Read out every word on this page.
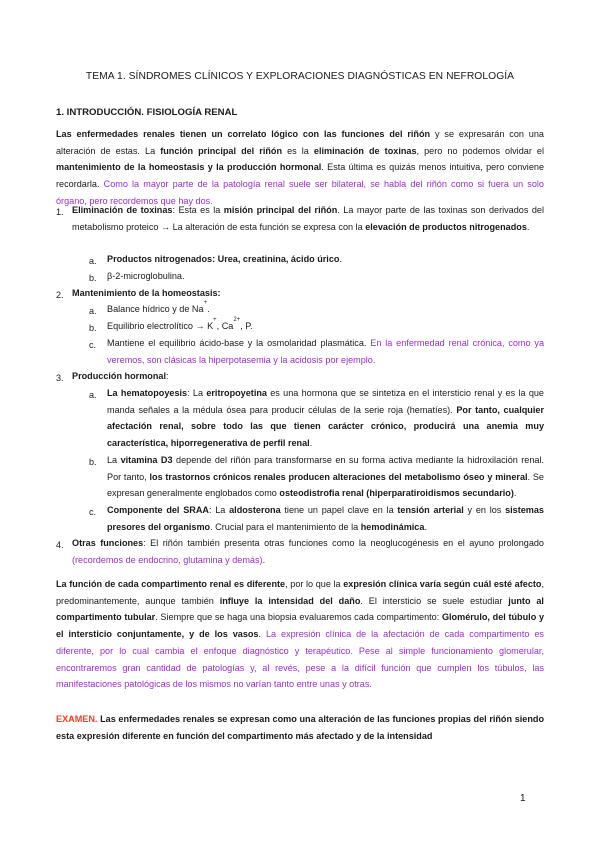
TEMA 1. SÍNDROMES CLÍNICOS Y EXPLORACIONES DIAGNÓSTICAS EN NEFROLOGÍA
1. INTRODUCCIÓN. FISIOLOGÍA RENAL

Las enfermedades renales tienen un correlato lógico con las funciones del riñón y se expresarán con una alteración de estas. La función principal del riñón es la eliminación de toxinas, pero no podemos olvidar el mantenimiento de la homeostasis y la producción hormonal. Esta última es quizás menos intuitiva, pero conviene recordarla. Como la mayor parte de la patología renal suele ser bilateral, se habla del riñón como si fuera un solo órgano, pero recordemos que hay dos.

1. Eliminación de toxinas: Esta es la misión principal del riñón. La mayor parte de las toxinas son derivados del metabolismo proteico → La alteración de esta función se expresa con la elevación de productos nitrogenados.

a. Productos nitrogenados: Urea, creatinina, ácido úrico.

b. β-2-microglobulina.

2. Mantenimiento de la homeostasis:

a. Balance hídrico y de Na+.

b. Equilibrio electrolítico → K+, $Ca^{2+}$, P.

c. Mantiene el equilibrio ácido-base y la osmolaridad plasmática. En la enfermedad renal crónica, como ya veremos, son clásicas la hiperpotasemia y la acidosis por ejemplo.

3. Producción hormonal:

a. La hematopoyesis: La eritropoyetina es una hormona que se sintetiza en el intersticio renal y es la que manda señales a la médula ósea para producir células de la serie roja (hematíes). Por tanto, cualquier afectación renal, sobre todo las que tienen carácter crónico, producirá una anemia muy característica, hiporregenerativa de perfil renal.

b. La vitamina D3 depende del riñón para transformarse en su forma activa mediante la hidroxilación renal. Por tanto, los trastornos crónicos renales producen alteraciones del metabolismo óseo y mineral. Se expresan generalmente englobados como osteodistrofia renal (hiperparatiroidismos secundario).

c. Componente del SRAA: La aldosterona tiene un papel clave en la tensión arterial y en los sistemas presores del organismo. Crucial para el mantenimiento de la hemodinámica.

4. Otras funciones: El riñón también presenta otras funciones como la neoglucogénesis en el ayuno prolongado (recordemos de endocrino, glutamina y demás).

La función de cada compartimento renal es diferente, por lo que la expresión clínica varía según cuál esté afecto, predominantemente, aunque también influye la intensidad del daño. El intersticio se suele estudiar junto al compartimento tubular. Siempre que se haga una biopsia evaluaremos cada compartimento: Glomérulo, del túbulo y el intersticio conjuntamente, y de los vasos. La expresión clínica de la afectación de cada compartimento es diferente, por lo cual cambia el enfoque diagnóstico y terapéutico. Pese al simple funcionamiento glomerular, encontraremos gran cantidad de patologías y, al revés, pese a la difícil función que cumplen los túbulos, las manifestaciones patológicas de los mismos no varían tanto entre unas y otras.

EXAMEN. Las enfermedades renales se expresan como una alteración de las funciones propias del riñón siendo esta expresión diferente en función del compartimento más afectado y de la intensidad

1
